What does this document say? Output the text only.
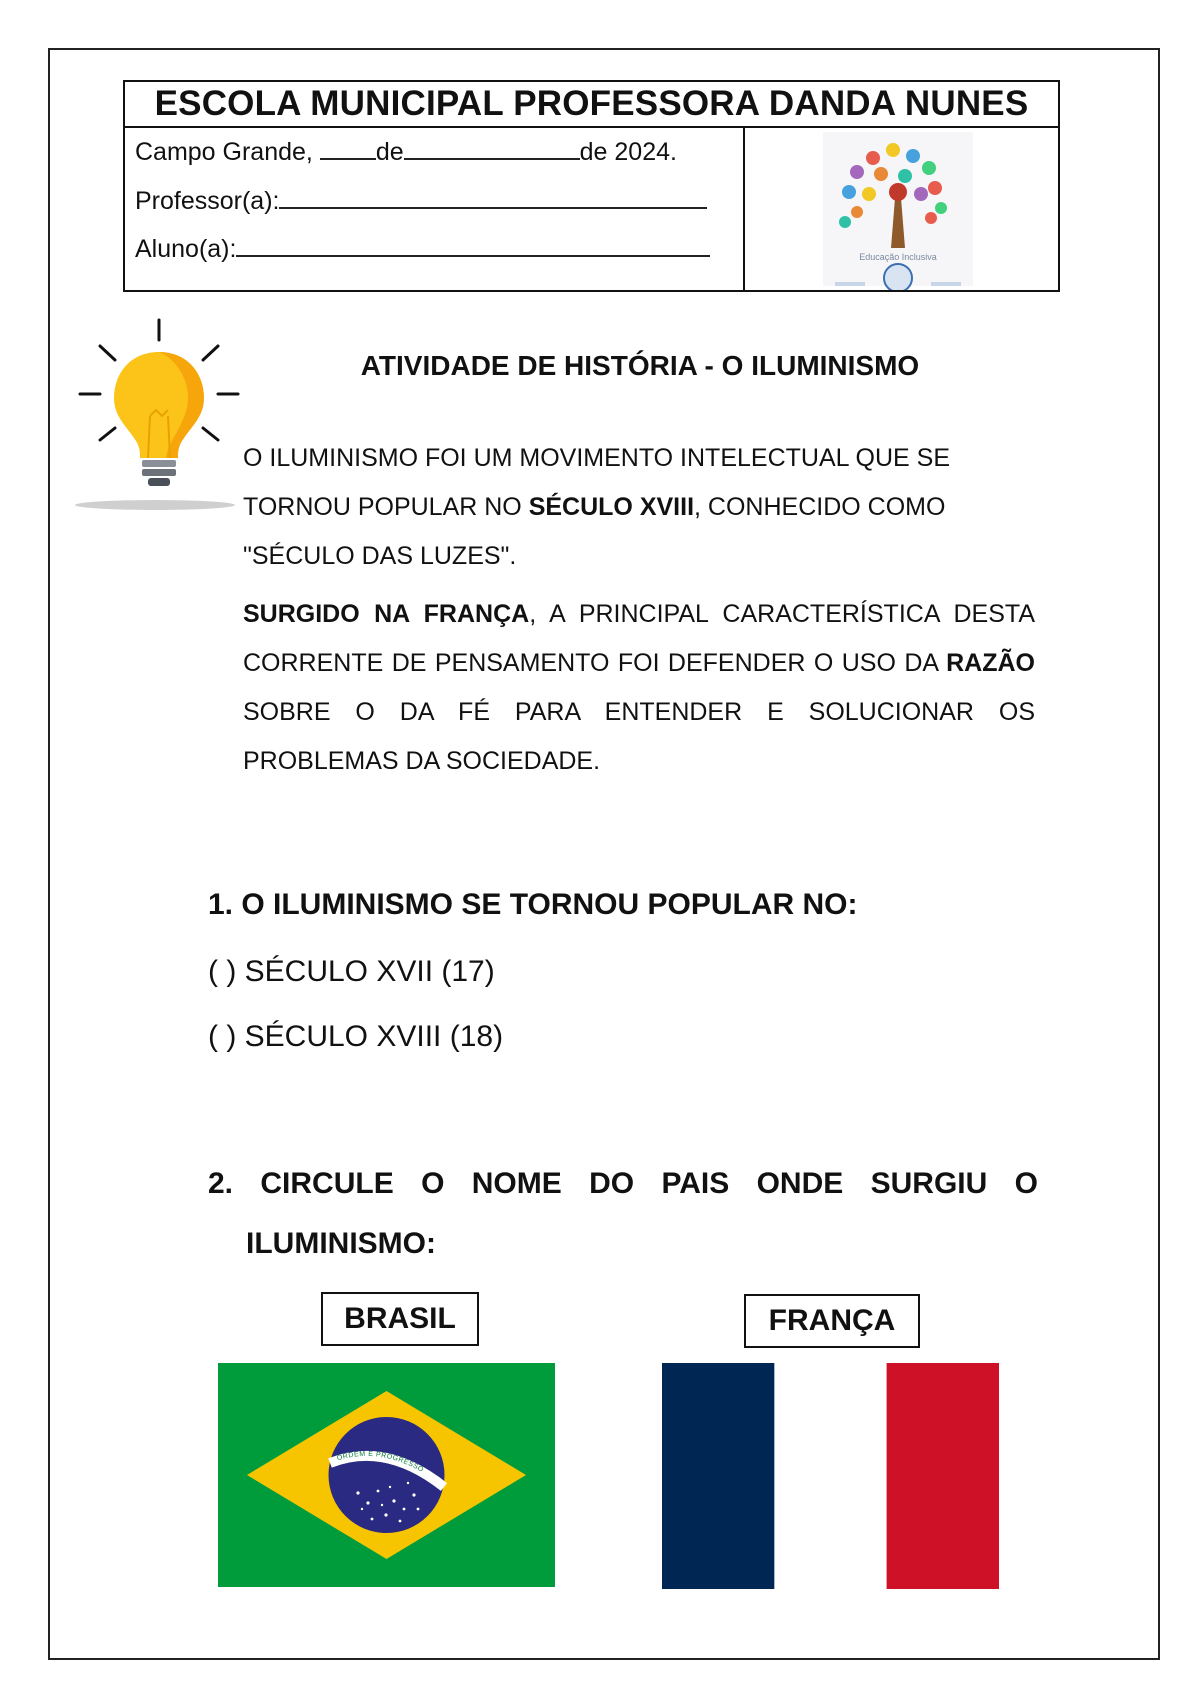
ESCOLA MUNICIPAL PROFESSORA DANDA NUNES
Campo Grande,	de	de 2024.
Professor(a):
Aluno(a):	Educação Inclusiva
ATIVIDADE DE HISTÓRIA - O ILUMINISMO
O ILUMINISMO FOI UM MOVIMENTO INTELECTUAL QUE SE TORNOU POPULAR NO SÉCULO XVIII, CONHECIDO COMO "SÉCULO DAS LUZES".
SURGIDO NA FRANÇA, A PRINCIPAL CARACTERÍSTICA DESTA CORRENTE DE PENSAMENTO FOI DEFENDER O USO DA RAZÃO SOBRE O DA FÉ PARA ENTENDER E SOLUCIONAR OS PROBLEMAS DA SOCIEDADE.
1. O ILUMINISMO SE TORNOU POPULAR NO:
( ) SÉCULO XVII (17)
( ) SÉCULO XVIII (18)
2. CIRCULE O NOME DO PAIS ONDE SURGIU O
ILUMINISMO:
BRASIL	FRANÇA
ORDEM E PROGRESSO
